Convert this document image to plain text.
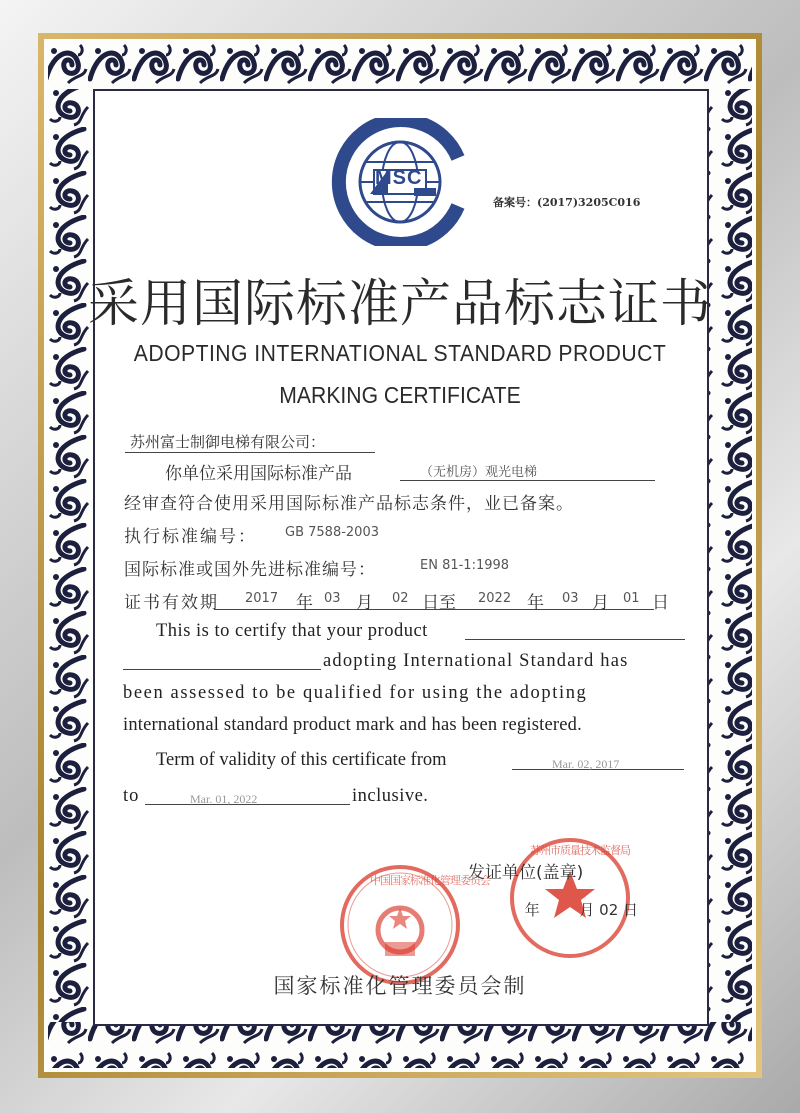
MSC
备案号：(2017)3205C016
采用国际标准产品标志证书
ADOPTING INTERNATIONAL STANDARD PRODUCT
MARKING CERTIFICATE
苏州富士制御电梯有限公司：
你单位采用国际标准产品	（无机房）观光电梯
经审查符合使用采用国际标准产品标志条件，业已备案。
执行标准编号： GB 7588-2003
国际标准或国外先进标准编号：	EN 81-1:1998
证书有效期 2017 年 03 月 02 日至 2022 年 03 月 01 日
This is to certify that your product
adopting International Standard has
been assessed to be qualified for using the adopting
international standard product mark and has been registered.
Term of validity of this certificate from	Mar. 02, 2017
to	Mar. 01, 2022	inclusive.
中国国家标准化管理委员会
苏州市质量技术监督局
发证单位(盖章)
年	月 02 日
国家标准化管理委员会制
